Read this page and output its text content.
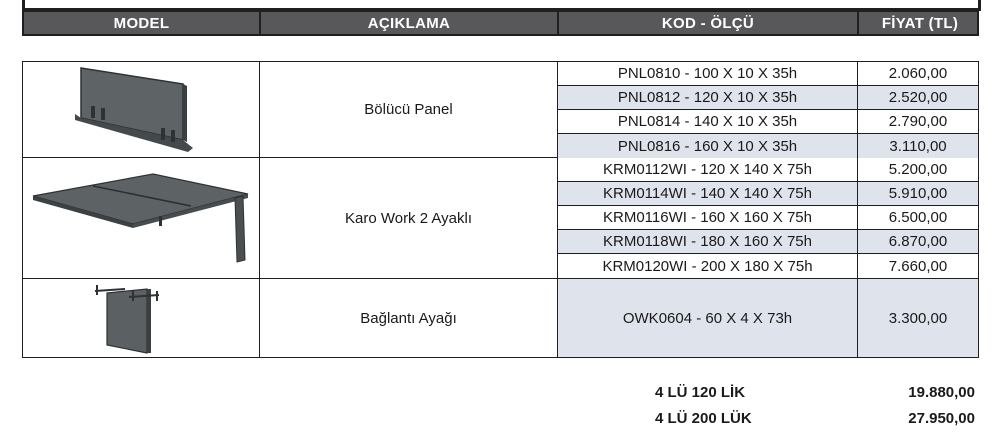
MODEL	AÇIKLAMA	KOD - ÖLÇÜ	FİYAT (TL)
Bölücü Panel
PNL0810 - 100 X 10 X 35h	2.060,00
PNL0812 - 120 X 10 X 35h	2.520,00
PNL0814 - 140 X 10 X 35h	2.790,00
PNL0816 - 160 X 10 X 35h	3.110,00
Karo Work 2 Ayaklı
KRM0112WI - 120 X 140 X 75h	5.200,00
KRM0114WI - 140 X 140 X 75h	5.910,00
KRM0116WI - 160 X 160 X 75h	6.500,00
KRM0118WI - 180 X 160 X 75h	6.870,00
KRM0120WI - 200 X 180 X 75h	7.660,00
Bağlantı Ayağı	OWK0604 - 60 X 4 X 73h	3.300,00
4 LÜ 120 LİK	19.880,00
4 LÜ 200 LÜK	27.950,00
